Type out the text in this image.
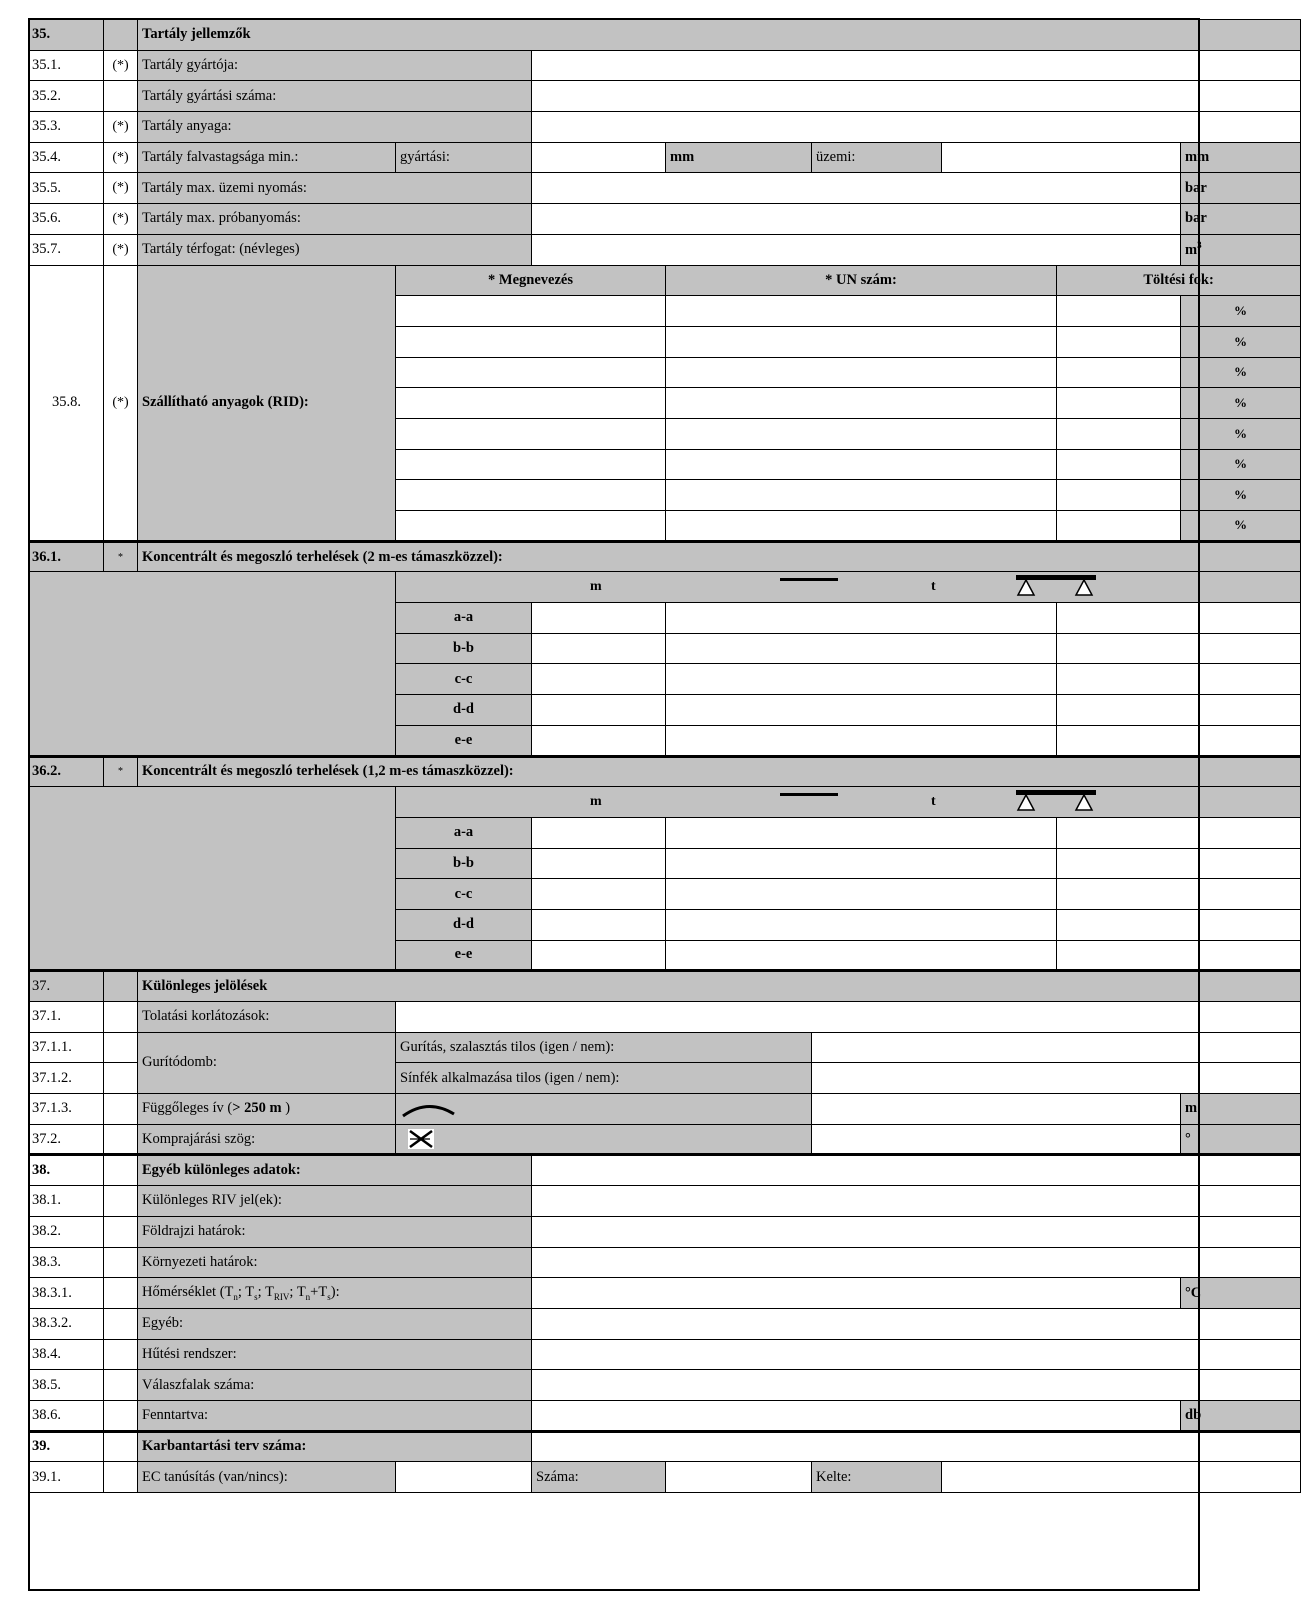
35.		Tartály jellemzők							
35.1.	(*)	Tartály gyártója:							
35.2.		Tartály gyártási száma:							
35.3.	(*)	Tartály anyaga:							
35.4.	(*)	Tartály falvastagsága min.:	gyártási:		mm	üzemi:			mm
35.5.	(*)	Tartály max. üzemi nyomás:							bar
35.6.	(*)	Tartály max. próbanyomás:							bar
35.7.	(*)	Tartály térfogat: (névleges)							$m^3$
35.8.	(*)	Szállítható anyagok (RID):	* Megnevezés		* UN szám:			Töltési fok:	
									%
									%
									%
									%
									%
									%
									%
									%
36.1.	*	Koncentrált és megoszló terhelések (2 m-es támaszközzel):							

			m t						

			a-a						
			b-b						
			c-c						
			d-d						
			e-e						
36.2.	*	Koncentrált és megoszló terhelések (1,2 m-es támaszközzel):							

			m t						

			a-a						
			b-b						
			c-c						
			d-d						
			e-e						
37.		Különleges jelölések							
37.1.		Tolatási korlátozások:							
37.1.1.		Gurítódomb:	Gurítás, szalasztás tilos (igen / nem):						
37.1.2.			Sínfék alkalmazása tilos (igen / nem):						
37.1.3.		Függőleges ív (> 250 m )							m
37.2.		Komprajárási szög:							°
38.		Egyéb különleges adatok:							
38.1.		Különleges RIV jel(ek):							
38.2.		Földrajzi határok:							
38.3.		Környezeti határok:							
38.3.1.		Hőmérséklet ($T_n$; $T_s$; $T_{RIV}$; $T_n+T_s$):							°C
38.3.2.		Egyéb:							
38.4.		Hűtési rendszer:							
38.5.		Válaszfalak száma:							
38.6.		Fenntartva:							db
39.		Karbantartási terv száma:							
39.1.		EC tanúsítás (van/nincs):		Száma:		Kelte:			
